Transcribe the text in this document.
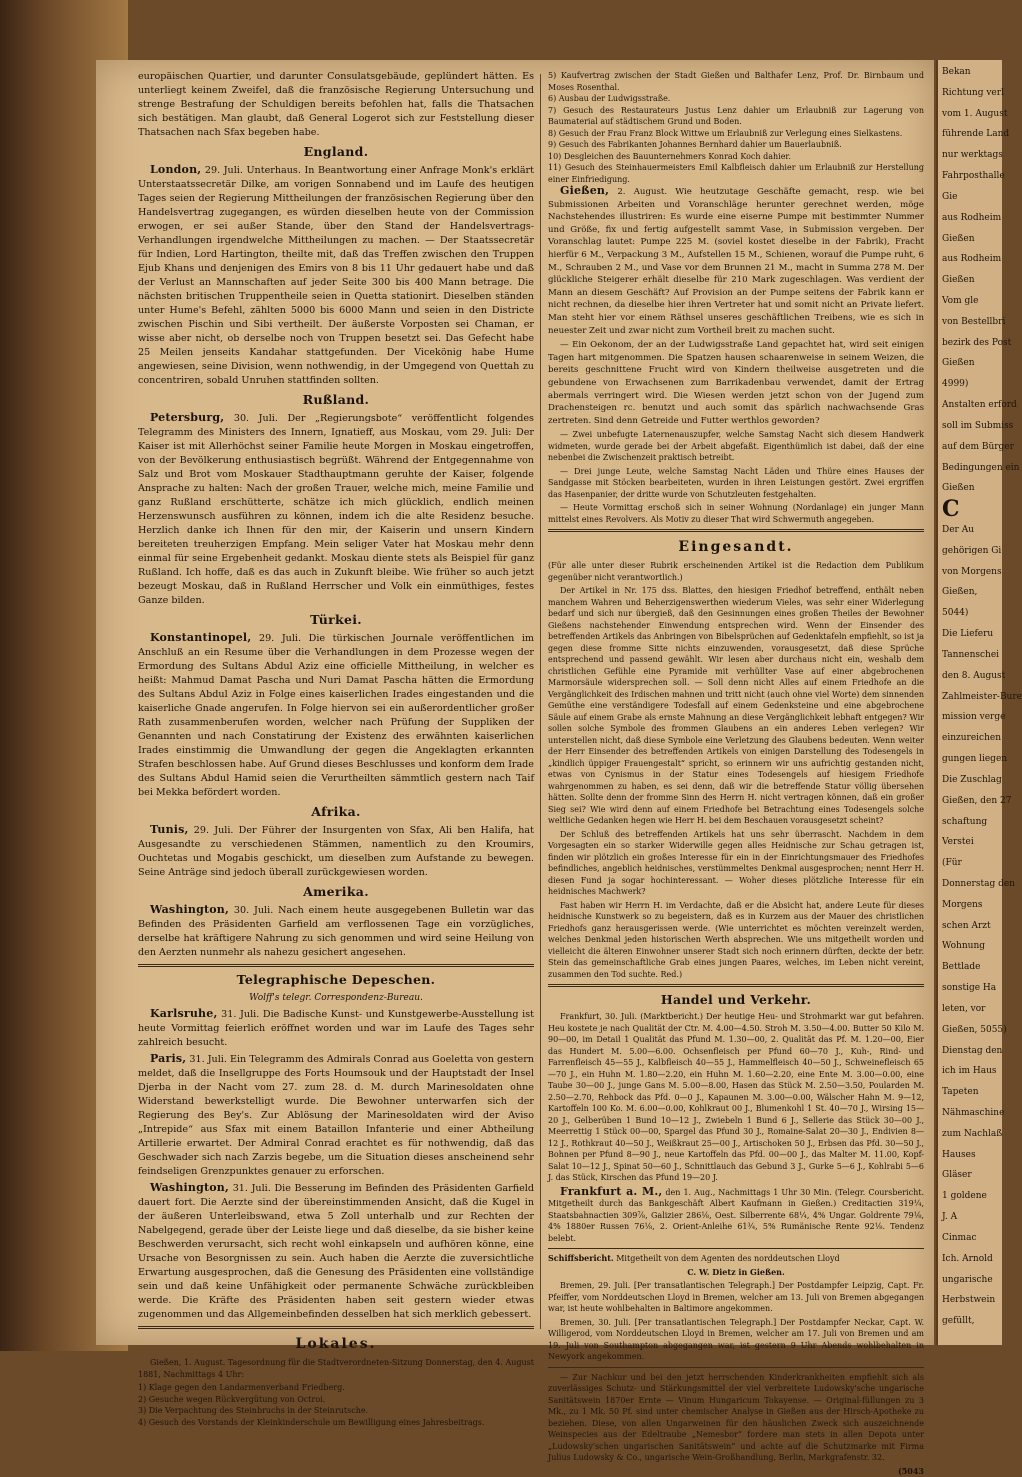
europäischen Quartier, und darunter Consulatsgebäude, geplündert hätten. Es unterliegt keinem Zweifel, daß die französische Regierung Untersuchung und strenge Bestrafung der Schuldigen bereits befohlen hat, falls die Thatsachen sich bestätigen. Man glaubt, daß General Logerot sich zur Feststellung dieser Thatsachen nach Sfax begeben habe.

England.

London, 29. Juli. Unterhaus. In Beantwortung einer Anfrage Monk's erklärt Unterstaatssecretär Dilke, am vorigen Sonnabend und im Laufe des heutigen Tages seien der Regierung Mittheilungen der französischen Regierung über den Handelsvertrag zugegangen, es würden dieselben heute von der Commission erwogen, er sei außer Stande, über den Stand der Handelsvertrags-Verhandlungen irgendwelche Mittheilungen zu machen. — Der Staatssecretär für Indien, Lord Hartington, theilte mit, daß das Treffen zwischen den Truppen Ejub Khans und denjenigen des Emirs von 8 bis 11 Uhr gedauert habe und daß der Verlust an Mannschaften auf jeder Seite 300 bis 400 Mann betrage. Die nächsten britischen Truppentheile seien in Quetta stationirt. Dieselben ständen unter Hume's Befehl, zählten 5000 bis 6000 Mann und seien in den Districte zwischen Pischin und Sibi vertheilt. Der äußerste Vorposten sei Chaman, er wisse aber nicht, ob derselbe noch von Truppen besetzt sei. Das Gefecht habe 25 Meilen jenseits Kandahar stattgefunden. Der Vicekönig habe Hume angewiesen, seine Division, wenn nothwendig, in der Umgegend von Quettah zu concentriren, sobald Unruhen stattfinden sollten.

Rußland.

Petersburg, 30. Juli. Der „Regierungsbote“ veröffentlicht folgendes Telegramm des Ministers des Innern, Ignatieff, aus Moskau, vom 29. Juli: Der Kaiser ist mit Allerhöchst seiner Familie heute Morgen in Moskau eingetroffen, von der Bevölkerung enthusiastisch begrüßt. Während der Entgegennahme von Salz und Brot vom Moskauer Stadthauptmann geruhte der Kaiser, folgende Ansprache zu halten: Nach der großen Trauer, welche mich, meine Familie und ganz Rußland erschütterte, schätze ich mich glücklich, endlich meinen Herzenswunsch ausführen zu können, indem ich die alte Residenz besuche. Herzlich danke ich Ihnen für den mir, der Kaiserin und unsern Kindern bereiteten treuherzigen Empfang. Mein seliger Vater hat Moskau mehr denn einmal für seine Ergebenheit gedankt. Moskau diente stets als Beispiel für ganz Rußland. Ich hoffe, daß es das auch in Zukunft bleibe. Wie früher so auch jetzt bezeugt Moskau, daß in Rußland Herrscher und Volk ein einmüthiges, festes Ganze bilden.

Türkei.

Konstantinopel, 29. Juli. Die türkischen Journale veröffentlichen im Anschluß an ein Resume über die Verhandlungen in dem Prozesse wegen der Ermordung des Sultans Abdul Aziz eine officielle Mittheilung, in welcher es heißt: Mahmud Damat Pascha und Nuri Damat Pascha hätten die Ermordung des Sultans Abdul Aziz in Folge eines kaiserlichen Irades eingestanden und die kaiserliche Gnade angerufen. In Folge hiervon sei ein außerordentlicher großer Rath zusammenberufen worden, welcher nach Prüfung der Suppliken der Genannten und nach Constatirung der Existenz des erwähnten kaiserlichen Irades einstimmig die Umwandlung der gegen die Angeklagten erkannten Strafen beschlossen habe. Auf Grund dieses Beschlusses und konform dem Irade des Sultans Abdul Hamid seien die Verurtheilten sämmtlich gestern nach Taif bei Mekka befördert worden.

Afrika.

Tunis, 29. Juli. Der Führer der Insurgenten von Sfax, Ali ben Halifa, hat Ausgesandte zu verschiedenen Stämmen, namentlich zu den Kroumirs, Ouchtetas und Mogabis geschickt, um dieselben zum Aufstande zu bewegen. Seine Anträge sind jedoch überall zurückgewiesen worden.

Amerika.

Washington, 30. Juli. Nach einem heute ausgegebenen Bulletin war das Befinden des Präsidenten Garfield am verflossenen Tage ein vorzügliches, derselbe hat kräftigere Nahrung zu sich genommen und wird seine Heilung von den Aerzten nunmehr als nahezu gesichert angesehen.

Telegraphische Depeschen.
Wolff's telegr. Correspondenz-Bureau.

Karlsruhe, 31. Juli. Die Badische Kunst- und Kunstgewerbe-Ausstellung ist heute Vormittag feierlich eröffnet worden und war im Laufe des Tages sehr zahlreich besucht.

Paris, 31. Juli. Ein Telegramm des Admirals Conrad aus Goeletta von gestern meldet, daß die Insellgruppe des Forts Houmsouk und der Hauptstadt der Insel Djerba in der Nacht vom 27. zum 28. d. M. durch Marinesoldaten ohne Widerstand bewerkstelligt wurde. Die Bewohner unterwarfen sich der Regierung des Bey's. Zur Ablösung der Marinesoldaten wird der Aviso „Intrepide“ aus Sfax mit einem Bataillon Infanterie und einer Abtheilung Artillerie erwartet. Der Admiral Conrad erachtet es für nothwendig, daß das Geschwader sich nach Zarzis begebe, um die Situation dieses anscheinend sehr feindseligen Grenzpunktes genauer zu erforschen.

Washington, 31. Juli. Die Besserung im Befinden des Präsidenten Garfield dauert fort. Die Aerzte sind der übereinstimmenden Ansicht, daß die Kugel in der äußeren Unterleibswand, etwa 5 Zoll unterhalb und zur Rechten der Nabelgegend, gerade über der Leiste liege und daß dieselbe, da sie bisher keine Beschwerden verursacht, sich recht wohl einkapseln und aufhören könne, eine Ursache von Besorgnissen zu sein. Auch haben die Aerzte die zuversichtliche Erwartung ausgesprochen, daß die Genesung des Präsidenten eine vollständige sein und daß keine Unfähigkeit oder permanente Schwäche zurückbleiben werde. Die Kräfte des Präsidenten haben seit gestern wieder etwas zugenommen und das Allgemeinbefinden desselben hat sich merklich gebessert.

Lokales.

Gießen, 1. August. Tagesordnung für die Stadtverordneten-Sitzung Donnerstag, den 4. August 1881, Nachmittags 4 Uhr:

1) Klage gegen den Landarmenverband Friedberg.
2) Gesuche wegen Rückvergütung von Octroi.
3) Die Verpachtung des Steinbruchs in der Steinrutsche.
4) Gesuch des Vorstands der Kleinkinderschule um Bewilligung eines Jahresbeitrags.
5) Kaufvertrag zwischen der Stadt Gießen und Balthafer Lenz, Prof. Dr. Birnbaum und Moses Rosenthal.
6) Ausbau der Ludwigsstraße.
7) Gesuch des Restaurateurs Justus Lenz dahier um Erlaubniß zur Lagerung von Baumaterial auf städtischem Grund und Boden.
8) Gesuch der Frau Franz Block Wittwe um Erlaubniß zur Verlegung eines Sielkastens.
9) Gesuch des Fabrikanten Johannes Bernhard dahier um Bauerlaubniß.
10) Desgleichen des Bauunternehmers Konrad Koch dahier.
11) Gesuch des Steinhauermeisters Emil Kalbfleisch dahier um Erlaubniß zur Herstellung einer Einfriedigung.

Gießen, 2. August. Wie heutzutage Geschäfte gemacht, resp. wie bei Submissionen Arbeiten und Voranschläge herunter gerechnet werden, möge Nachstehendes illustriren: Es wurde eine eiserne Pumpe mit bestimmter Nummer und Größe, fix und fertig aufgestellt sammt Vase, in Submission vergeben. Der Voranschlag lautet: Pumpe 225 M. (soviel kostet dieselbe in der Fabrik), Fracht hierfür 6 M., Verpackung 3 M., Aufstellen 15 M., Schienen, worauf die Pumpe ruht, 6 M., Schrauben 2 M., und Vase vor dem Brunnen 21 M., macht in Summa 278 M. Der glückliche Steigerer erhält dieselbe für 210 Mark zugeschlagen. Was verdient der Mann an diesem Geschäft? Auf Provision an der Pumpe seitens der Fabrik kann er nicht rechnen, da dieselbe hier ihren Vertreter hat und somit nicht an Private liefert. Man steht hier vor einem Räthsel unseres geschäftlichen Treibens, wie es sich in neuester Zeit und zwar nicht zum Vortheil breit zu machen sucht.

— Ein Oekonom, der an der Ludwigsstraße Land gepachtet hat, wird seit einigen Tagen hart mitgenommen. Die Spatzen hausen schaarenweise in seinem Weizen, die bereits geschnittene Frucht wird von Kindern theilweise ausgetreten und die gebundene von Erwachsenen zum Barrikadenbau verwendet, damit der Ertrag abermals verringert wird. Die Wiesen werden jetzt schon von der Jugend zum Drachensteigen rc. benutzt und auch somit das spärlich nachwachsende Gras zertreten. Sind denn Getreide und Futter werthlos geworden?

— Zwei unbefugte Laternenauszupfer, welche Samstag Nacht sich diesem Handwerk widmeten, wurde gerade bei der Arbeit abgefaßt. Eigenthümlich ist dabei, daß der eine nebenbei die Zwischenzeit praktisch betreibt.

— Drei junge Leute, welche Samstag Nacht Läden und Thüre eines Hauses der Sandgasse mit Stöcken bearbeiteten, wurden in ihren Leistungen gestört. Zwei ergriffen das Hasenpanier, der dritte wurde von Schutzleuten festgehalten.

— Heute Vormittag erschoß sich in seiner Wohnung (Nordanlage) ein junger Mann mittelst eines Revolvers. Als Motiv zu dieser That wird Schwermuth angegeben.

Eingesandt.

(Für alle unter dieser Rubrik erscheinenden Artikel ist die Redaction dem Publikum gegenüber nicht verantwortlich.)

Der Artikel in Nr. 175 dss. Blattes, den hiesigen Friedhof betreffend, enthält neben manchem Wahren und Beherzigenswerthen wiederum Vieles, was sehr einer Widerlegung bedarf und sich nur übergieß, daß den Gesinnungen eines großen Theiles der Bewohner Gießens nachstehender Einwendung entsprechen wird. Wenn der Einsender des betreffenden Artikels das Anbringen von Bibelsprüchen auf Gedenktafeln empfiehlt, so ist ja gegen diese fromme Sitte nichts einzuwenden, vorausgesetzt, daß diese Sprüche entsprechend und passend gewählt. Wir lesen aber durchaus nicht ein, weshalb dem christlichen Gefühle eine Pyramide mit verhüllter Vase auf einer abgebrochenen Marmorsäule widersprechen soll. — Soll denn nicht Alles auf einem Friedhofe an die Vergänglichkeit des Irdischen mahnen und tritt nicht (auch ohne viel Worte) dem sinnenden Gemüthe eine verständigere Todesfall auf einem Gedenksteine und eine abgebrochene Säule auf einem Grabe als ernste Mahnung an diese Vergänglichkeit lebhaft entgegen? Wir sollen solche Symbole des frommen Glaubens an ein anderes Leben verlegen? Wir unterstellen nicht, daß diese Symbole eine Verletzung des Glaubens bedeuten. Wenn weiter der Herr Einsender des betreffenden Artikels von einigen Darstellung des Todesengels in „kindlich üppiger Frauengestalt“ spricht, so erinnern wir uns aufrichtig gestanden nicht, etwas von Cynismus in der Statur eines Todesengels auf hiesigem Friedhofe wahrgenommen zu haben, es sei denn, daß wir die betreffende Statur völlig übersehen hätten. Sollte denn der fromme Sinn des Herrn H. nicht vertragen können, daß ein großer Sieg sei? Wie wird denn auf einem Friedhofe bei Betrachtung eines Todesengels solche weltliche Gedanken hegen wie Herr H. bei dem Beschauen vorausgesetzt scheint?

Der Schluß des betreffenden Artikels hat uns sehr überrascht. Nachdem in dem Vorgesagten ein so starker Widerwille gegen alles Heidnische zur Schau getragen ist, finden wir plötzlich ein großes Interesse für ein in der Einrichtungsmauer des Friedhofes befindliches, angeblich heidnisches, verstümmeltes Denkmal ausgesprochen; nennt Herr H. diesen Fund ja sogar hochinteressant. — Woher dieses plötzliche Interesse für ein heidnisches Machwerk?

Fast haben wir Herrn H. im Verdachte, daß er die Absicht hat, andere Leute für dieses heidnische Kunstwerk so zu begeistern, daß es in Kurzem aus der Mauer des christlichen Friedhofs ganz herausgerissen werde. (Wie unterrichtet es möchten vereinzelt werden, welches Denkmal jeden historischen Werth absprechen. Wie uns mitgetheilt worden und vielleicht die älteren Einwohner unserer Stadt sich noch erinnern dürften, deckte der betr. Stein das gemeinschaftliche Grab eines jungen Paares, welches, im Leben nicht vereint, zusammen den Tod suchte. Red.)

Handel und Verkehr.

Frankfurt, 30. Juli. (Marktbericht.) Der heutige Heu- und Strohmarkt war gut befahren. Heu kostete je nach Qualität der Ctr. M. 4.00—4.50. Stroh M. 3.50—4.00. Butter 50 Kilo M. 90—00, im Detail 1 Qualität das Pfund M. 1.30—00, 2. Qualität das Pf. M. 1.20—00, Eier das Hundert M. 5.00—6.00. Ochsenfleisch per Pfund 60—70 J., Kuh-, Rind- und Farrenfleisch 45—55 J., Kalbfleisch 40—55 J., Hammelfleisch 40—50 J., Schweinefleisch 65—70 J., ein Huhn M. 1.80—2.20, ein Huhn M. 1.60—2.20, eine Ente M. 3.00—0.00, eine Taube 30—00 J., junge Gans M. 5.00—8.00, Hasen das Stück M. 2.50—3.50, Poularden M. 2.50—2.70, Rehbock das Pfd. 0—0 J., Kapaunen M. 3.00—0.00, Wälscher Hahn M. 9—12, Kartoffeln 100 Ko. M. 6.00—0.00, Kohlkraut 00 J., Blumenkohl 1 St. 40—70 J., Wirsing 15—20 J., Gelberüben 1 Bund 10—12 J., Zwiebeln 1 Bund 6 J., Sellerie das Stück 30—00 J., Meerrettig 1 Stück 00—00, Spargel das Pfund 30 J., Romaine-Salat 20—30 J., Endivien 8—12 J., Rothkraut 40—50 J., Weißkraut 25—00 J., Artischoken 50 J., Erbsen das Pfd. 30—50 J., Bohnen per Pfund 8—90 J., neue Kartoffeln das Pfd. 00—00 J., das Malter M. 11.00, Kopf-Salat 10—12 J., Spinat 50—60 J., Schnittlauch das Gebund 3 J., Gurke 5—6 J., Kohlrabi 5—6 J. das Stück, Kirschen das Pfund 19—20 J.

Frankfurt a. M., den 1. Aug., Nachmittags 1 Uhr 30 Min. (Telegr. Coursbericht. Mitgetheilt durch das Bankgeschäft Albert Kaufmann in Gießen.) Creditactien 319¼, Staatsbahnactien 309⅞, Galizier 286⅛, Oest. Silberrente 68¼, 4% Ungar. Goldrente 79⅛, 4% 1880er Russen 76⅛, 2. Orient-Anleihe 61¾, 5% Rumänische Rente 92⅛. Tendenz belebt.

Schiffsbericht. Mitgetheilt von dem Agenten des norddeutschen Lloyd

C. W. Dietz in Gießen.

Bremen, 29. Juli. [Per transatlantischen Telegraph.] Der Postdampfer Leipzig, Capt. Fr. Pfeiffer, vom Norddeutschen Lloyd in Bremen, welcher am 13. Juli von Bremen abgegangen war, ist heute wohlbehalten in Baltimore angekommen.

Bremen, 30. Juli. [Per transatlantischen Telegraph.] Der Postdampfer Neckar, Capt. W. Willigerod, vom Norddeutschen Lloyd in Bremen, welcher am 17. Juli von Bremen und am 19. Juli von Southampton abgegangen war, ist gestern 9 Uhr Abends wohlbehalten in Newyork angekommen.

— Zur Nachkur und bei den jetzt herrschenden Kinderkrankheiten empfiehlt sich als zuverlässiges Schutz- und Stärkungsmittel der viel verbreitete Ludowsky'sche ungarische Sanitätswein 1870er Ernte — Vinum Hungaricum Tokayense. — Original-füllungen zu 3 Mk., zu 1 Mk. 50 Pf. sind unter chemischer Analyse in Gießen aus der Hirsch-Apotheke zu beziehen. Diese, von allen Ungarweinen für den häuslichen Zweck sich auszeichnende Weinspecies aus der Edeltraube „Nemesbor“ fordere man stets in allen Depots unter „Ludowsky'schen ungarischen Sanitätswein“ und achte auf die Schutzmarke mit Firma Julius Ludowsky & Co., ungarische Wein-Großhandlung, Berlin, Markgrafenstr. 32.

(5043
Bekan
Richtung verl
vom 1. August
führende Land
nur werktags
Fahrposthalle
Gie
aus Rodheim
Gießen
aus Rodheim
Gießen
Vom gle
von Bestellbri
bezirk des Post
Gießen
4999)
Anstalten erford
soll im Submiss
auf dem Bürger
Bedingungen ein
Gießen
C
Der Au
gehörigen Gi
von Morgens
Gießen,
5044)
Die Lieferu
Tannenschei
den 8. August
Zahlmeister-Bure
mission verge
einzureichen
gungen liegen
Die Zuschlag
Gießen, den 27
schaftung
Verstei
(Für
Donnerstag den
Morgens
schen Arzt
Wohnung
Bettlade
sonstige Ha
leten, vor
Gießen, 5055)
Dienstag den
ich im Haus
Tapeten
Nähmaschine
zum Nachlaß
Hauses
Gläser
1 goldene
J. A
Cinmac
Ich. Arnold
ungarische
Herbstwein
gefüllt,
